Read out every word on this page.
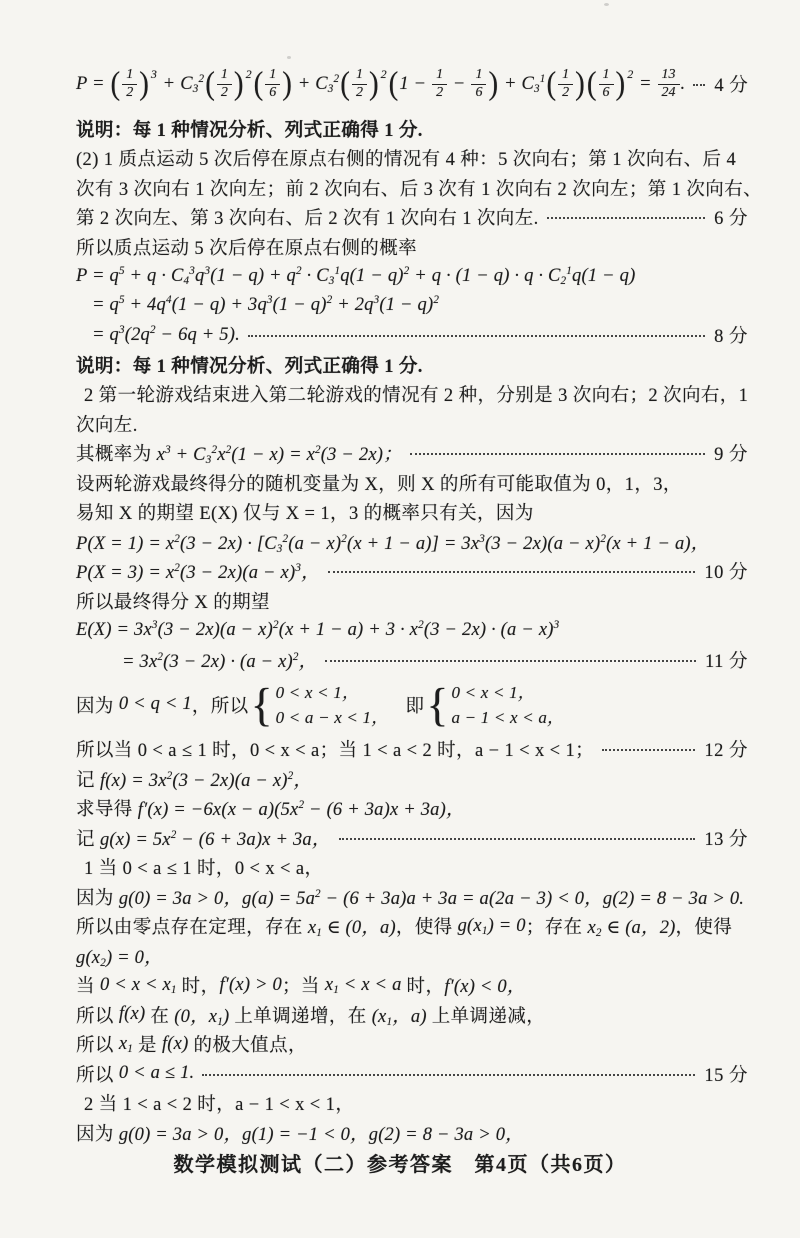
P = ( $\frac{1}{2}$ ) $3 + C_3^2$ ( $\frac{1}{2}$ ) 2 ( $\frac{1}{6}$ ) + $C_3^2$ ( $\frac{1}{2}$ ) 2 ( $1 - \frac{1}{2} - \frac{1}{6}$ ) + $C_3^1$ ( $\frac{1}{2}$ ) ( $\frac{1}{6}$ ) $2 = \frac{13}{24}$ . 4 分
说明：每 1 种情况分析、列式正确得 1 分.
(2) 1 质点运动 5 次后停在原点右侧的情况有 4 种：5 次向右；第 1 次向右、后 4
次有 3 次向右 1 次向左；前 2 次向右、后 3 次有 1 次向右 2 次向左；第 1 次向右、
第 2 次向左、第 3 次向右、后 2 次有 1 次向右 1 次向左.	6 分
所以质点运动 5 次后停在原点右侧的概率
$P = q^5 + q \cdot C_4^3q^3(1 - q) + q^2 \cdot C_3^1q(1 - q)^2 + q \cdot (1 - q) \cdot q \cdot C_2^1q(1 - q)$
= $q^5 + 4q^4(1 - q) + 3q^3(1 - q)^2 + 2q^3(1 - q)^2$
= $q^3(2q^2 - 6q + 5)$.	8 分
说明：每 1 种情况分析、列式正确得 1 分.
2 第一轮游戏结束进入第二轮游戏的情况有 2 种，分别是 3 次向右；2 次向右，1
次向左.
其概率为 $x^3 + C_3^2x^2(1 - x) = x^2(3 - 2x)$；	9 分
设两轮游戏最终得分的随机变量为 X，则 X 的所有可能取值为 0，1，3，
易知 X 的期望 E(X) 仅与 X = 1，3 的概率只有关，因为
$P(X = 1) = x^2(3 - 2x) \cdot [C_3^2(a - x)^2(x + 1 - a)] = 3x^3(3 - 2x)(a - x)^2(x + 1 - a)$，
$P(X = 3) = x^2(3 - 2x)(a - x)^3$，	10 分
所以最终得分 X 的期望
$E(X) = 3x^3(3 - 2x)(a - x)^2(x + 1 - a) + 3 \cdot x^2(3 - 2x) \cdot (a - x)^3$
= $3x^2(3 - 2x) \cdot (a - x)^2$，	11 分
因为 0 < q < 1 ，所以 { 0 < x < 1，
0 < a − x < 1，
即 { 0 < x < 1，
a − 1 < x < a，
所以当 0 < a ≤ 1 时，0 < x < a；当 1 < a < 2 时，a − 1 < x < 1；	12 分
记 $f(x) = 3x^2(3 - 2x)(a - x)^2$，
求导得 $f'(x) = -6x(x - a)(5x^2 - (6 + 3a)x + 3a)$，
记 $g(x) = 5x^2 - (6 + 3a)x + 3a$，	13 分
1 当 0 < a ≤ 1 时，0 < x < a，
因为 g(0) = 3a > 0，$g(a) = 5a^2 - (6 + 3a)a + 3a = a(2a - 3) < 0$，g(2) = 8 − 3a > 0.
所以由零点存在定理，存在 $x_1$ ∈ (0，a) ，使得 $g(x_1) = 0$ ；存在 $x_2$ ∈ (a，2) ，使得
$g(x_2) = 0$，
当 $0 < x < x_1$ 时， f′(x) > 0 ；当 $x_1 < x < a$ 时， f′(x) < 0，
所以 f(x) 在 (0，$x_1$) 上单调递增，在 ($x_1$，a) 上单调递减，
所以 $x_1$ 是 f(x) 的极大值点，
所以 0 < a ≤ 1.	15 分
2 当 1 < a < 2 时，a − 1 < x < 1，
因为 g(0) = 3a > 0，g(1) = −1 < 0，g(2) = 8 − 3a > 0，
数学模拟测试（二）参考答案　第4页（共6页）
